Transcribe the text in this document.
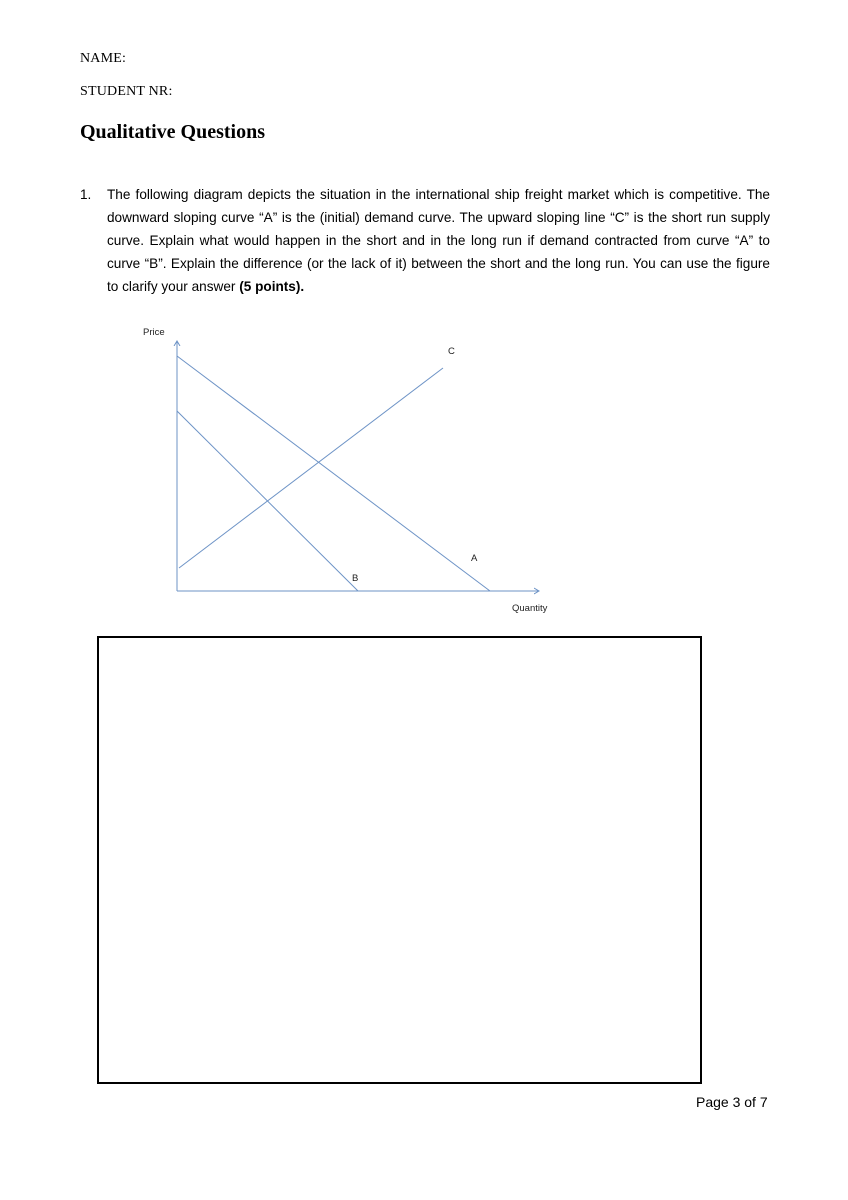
NAME:
STUDENT NR:
Qualitative Questions
1. The following diagram depicts the situation in the international ship freight market which is competitive. The downward sloping curve “A” is the (initial) demand curve. The upward sloping line “C” is the short run supply curve. Explain what would happen in the short and in the long run if demand contracted from curve “A” to curve “B”. Explain the difference (or the lack of it) between the short and the long run. You can use the figure to clarify your answer (5 points).

Price
Quantity
A
B
C
Page 3 of 7
